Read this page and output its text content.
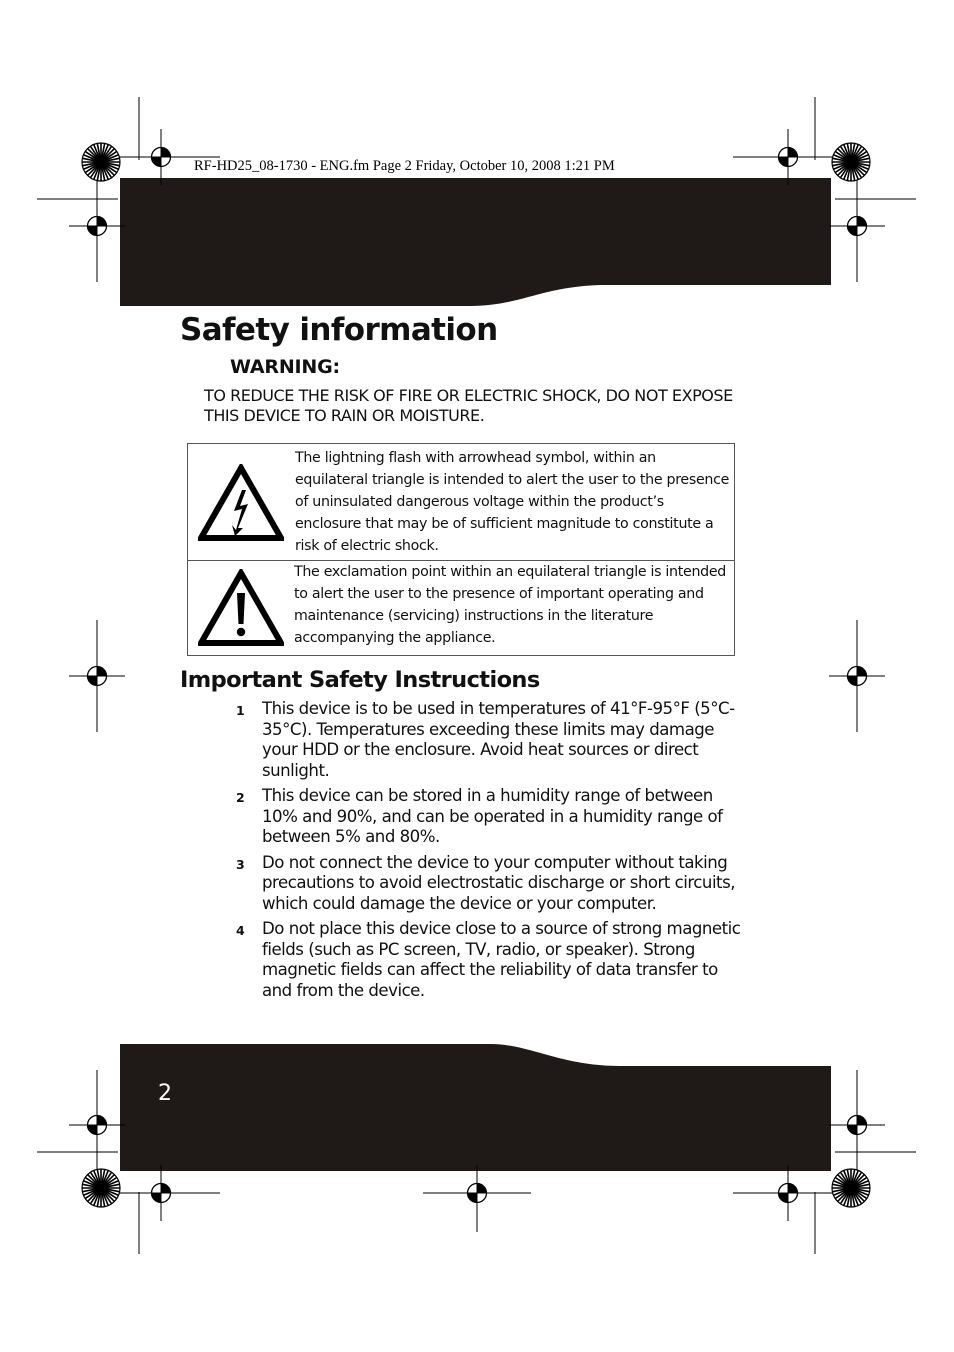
RF-HD25_08-1730 - ENG.fm Page 2 Friday, October 10, 2008 1:21 PM
Safety information
WARNING:
TO REDUCE THE RISK OF FIRE OR ELECTRIC SHOCK, DO NOT EXPOSE THIS DEVICE TO RAIN OR MOISTURE.
The lightning flash with arrowhead symbol, within an equilateral triangle is intended to alert the user to the presence of uninsulated dangerous voltage within the product’s enclosure that may be of sufficient magnitude to constitute a risk of electric shock.
The exclamation point within an equilateral triangle is intended to alert the user to the presence of important operating and maintenance (servicing) instructions in the literature accompanying the appliance.
Important Safety Instructions
1	This device is to be used in temperatures of 41°F-95°F (5°C-35°C). Temperatures exceeding these limits may damage your HDD or the enclosure. Avoid heat sources or direct sunlight.
2	This device can be stored in a humidity range of between 10% and 90%, and can be operated in a humidity range of between 5% and 80%.
3	Do not connect the device to your computer without taking precautions to avoid electrostatic discharge or short circuits, which could damage the device or your computer.
4	Do not place this device close to a source of strong magnetic fields (such as PC screen, TV, radio, or speaker). Strong magnetic fields can affect the reliability of data transfer to and from the device.
2
